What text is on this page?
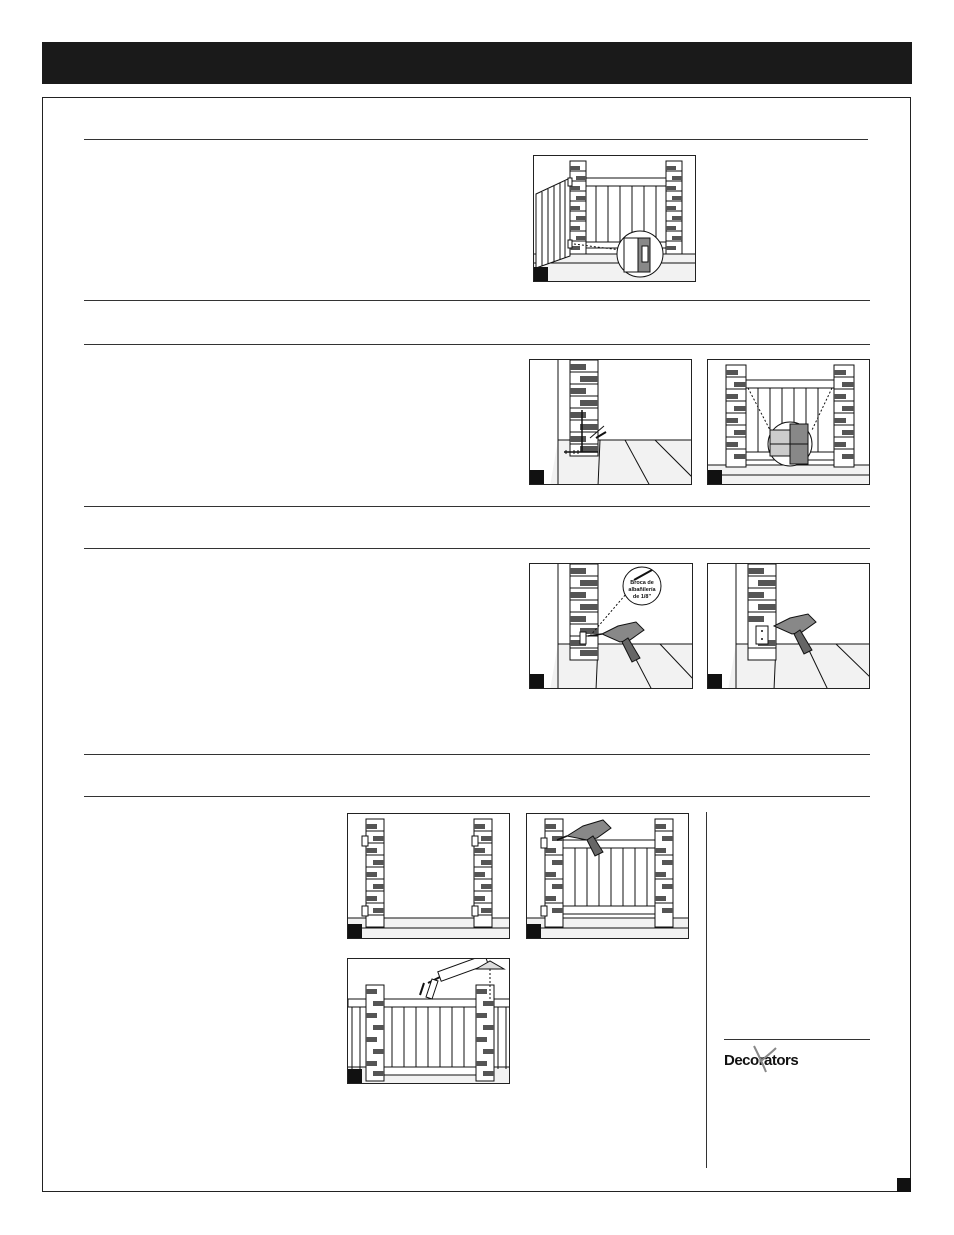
Broca de
albañilería
de 1/8"
Decorators
